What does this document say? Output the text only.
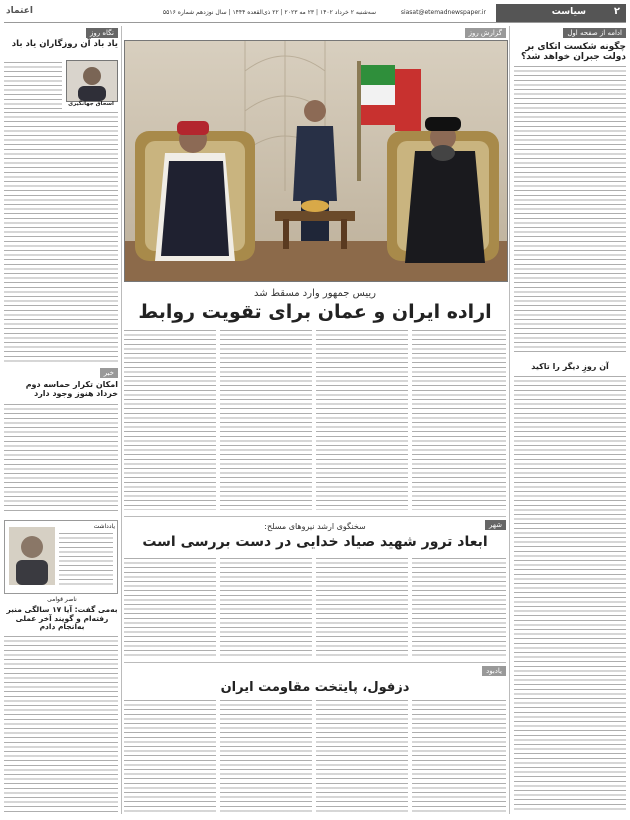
۲
سیاست
siasat@etemadnewspaper.ir
سه‌شنبه ۲ خرداد ۱۴۰۲ | ۲۳ مه ۲۰۲۳ | ۲۲ ذی‌القعده ۱۴۴۴ | سال نوزدهم شماره ۵۵۱۶
اعتماد
ادامه از صفحه اول
چگونه شکست اتکای بر دولت جبران خواهد شد؟
آن روزِ دیگر را تاکید
نگاه روز
یاد باد آن روزگاران یاد باد
اسحاق جهانگیری
خبر
امکان تکرار حماسه دوم خرداد هنوز وجود دارد
یادداشت
ناصر قوامی
به‌می گفت: آیا ۱۷ سالگی منبر رفته‌ام و گویند آخر عملی به‌انجام دادم
گزارش روز
رییس جمهور وارد مسقط شد
اراده ایران و عمان برای تقویت روابط
شهر
سخنگوی ارشد نیروهای مسلح:
ابعاد ترور شهید صیاد خدایی در دست بررسی است
یادبود
دزفول، پایتخت مقاومت ایران
